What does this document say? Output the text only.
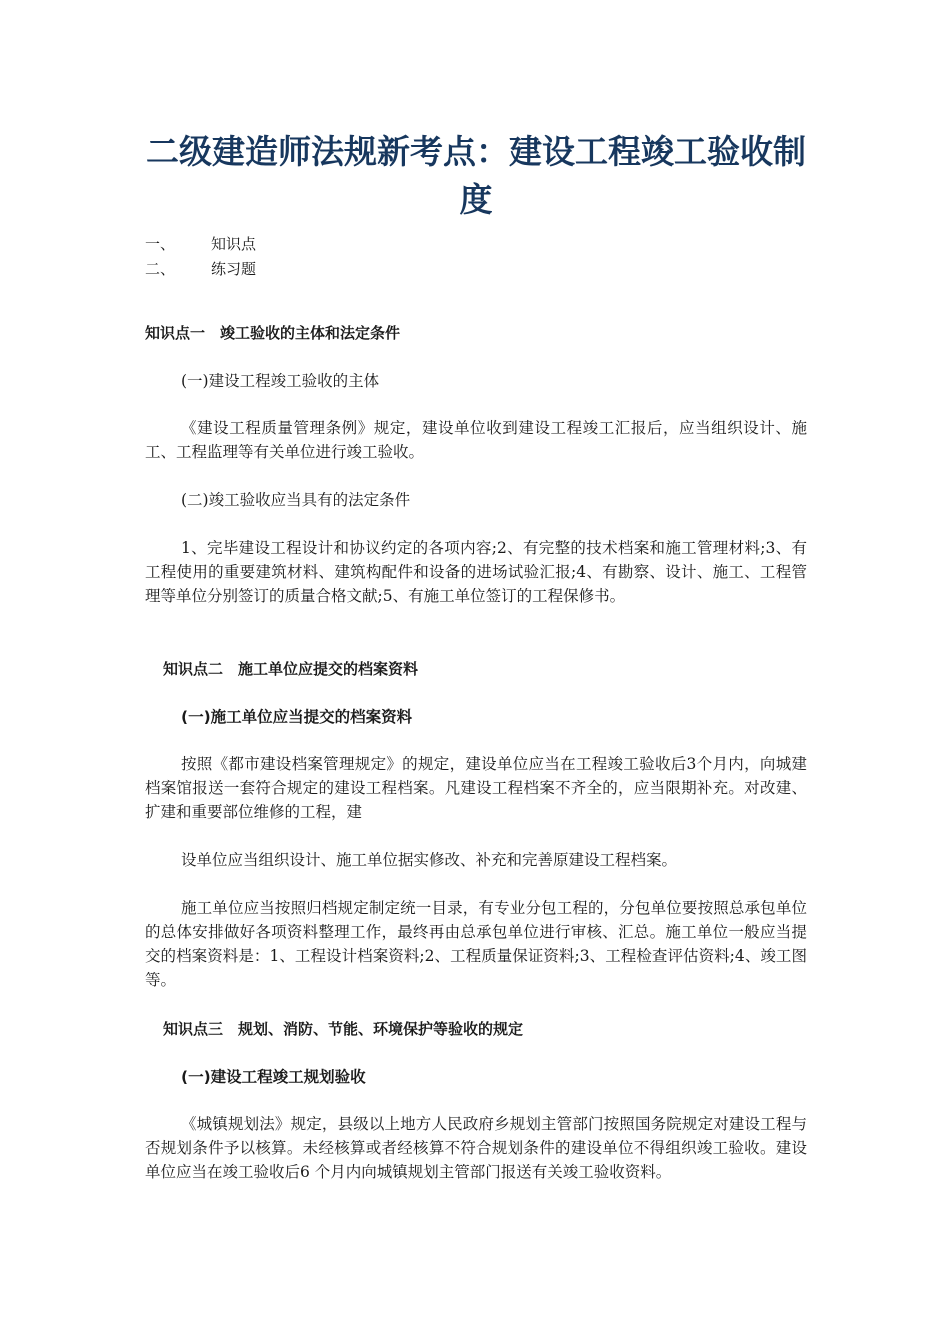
二级建造师法规新考点：建设工程竣工验收制度
一、	知识点
二、	练习题
知识点一　竣工验收的主体和法定条件

(一)建设工程竣工验收的主体

《建设工程质量管理条例》规定，建设单位收到建设工程竣工汇报后，应当组织设计、施工、工程监理等有关单位进行竣工验收。

(二)竣工验收应当具有的法定条件

1、完毕建设工程设计和协议约定的各项内容;2、有完整的技术档案和施工管理材料;3、有工程使用的重要建筑材料、建筑构配件和设备的进场试验汇报;4、有勘察、设计、施工、工程管理等单位分别签订的质量合格文献;5、有施工单位签订的工程保修书。

知识点二　施工单位应提交的档案资料

(一)施工单位应当提交的档案资料

按照《都市建设档案管理规定》的规定，建设单位应当在工程竣工验收后3个月内，向城建档案馆报送一套符合规定的建设工程档案。凡建设工程档案不齐全的，应当限期补充。对改建、扩建和重要部位维修的工程，建

设单位应当组织设计、施工单位据实修改、补充和完善原建设工程档案。

施工单位应当按照归档规定制定统一目录，有专业分包工程的，分包单位要按照总承包单位的总体安排做好各项资料整理工作，最终再由总承包单位进行审核、汇总。施工单位一般应当提交的档案资料是：1、工程设计档案资料;2、工程质量保证资料;3、工程检查评估资料;4、竣工图等。

知识点三　规划、消防、节能、环境保护等验收的规定

(一)建设工程竣工规划验收

《城镇规划法》规定，县级以上地方人民政府乡规划主管部门按照国务院规定对建设工程与否规划条件予以核算。未经核算或者经核算不符合规划条件的建设单位不得组织竣工验收。建设单位应当在竣工验收后6 个月内向城镇规划主管部门报送有关竣工验收资料。
